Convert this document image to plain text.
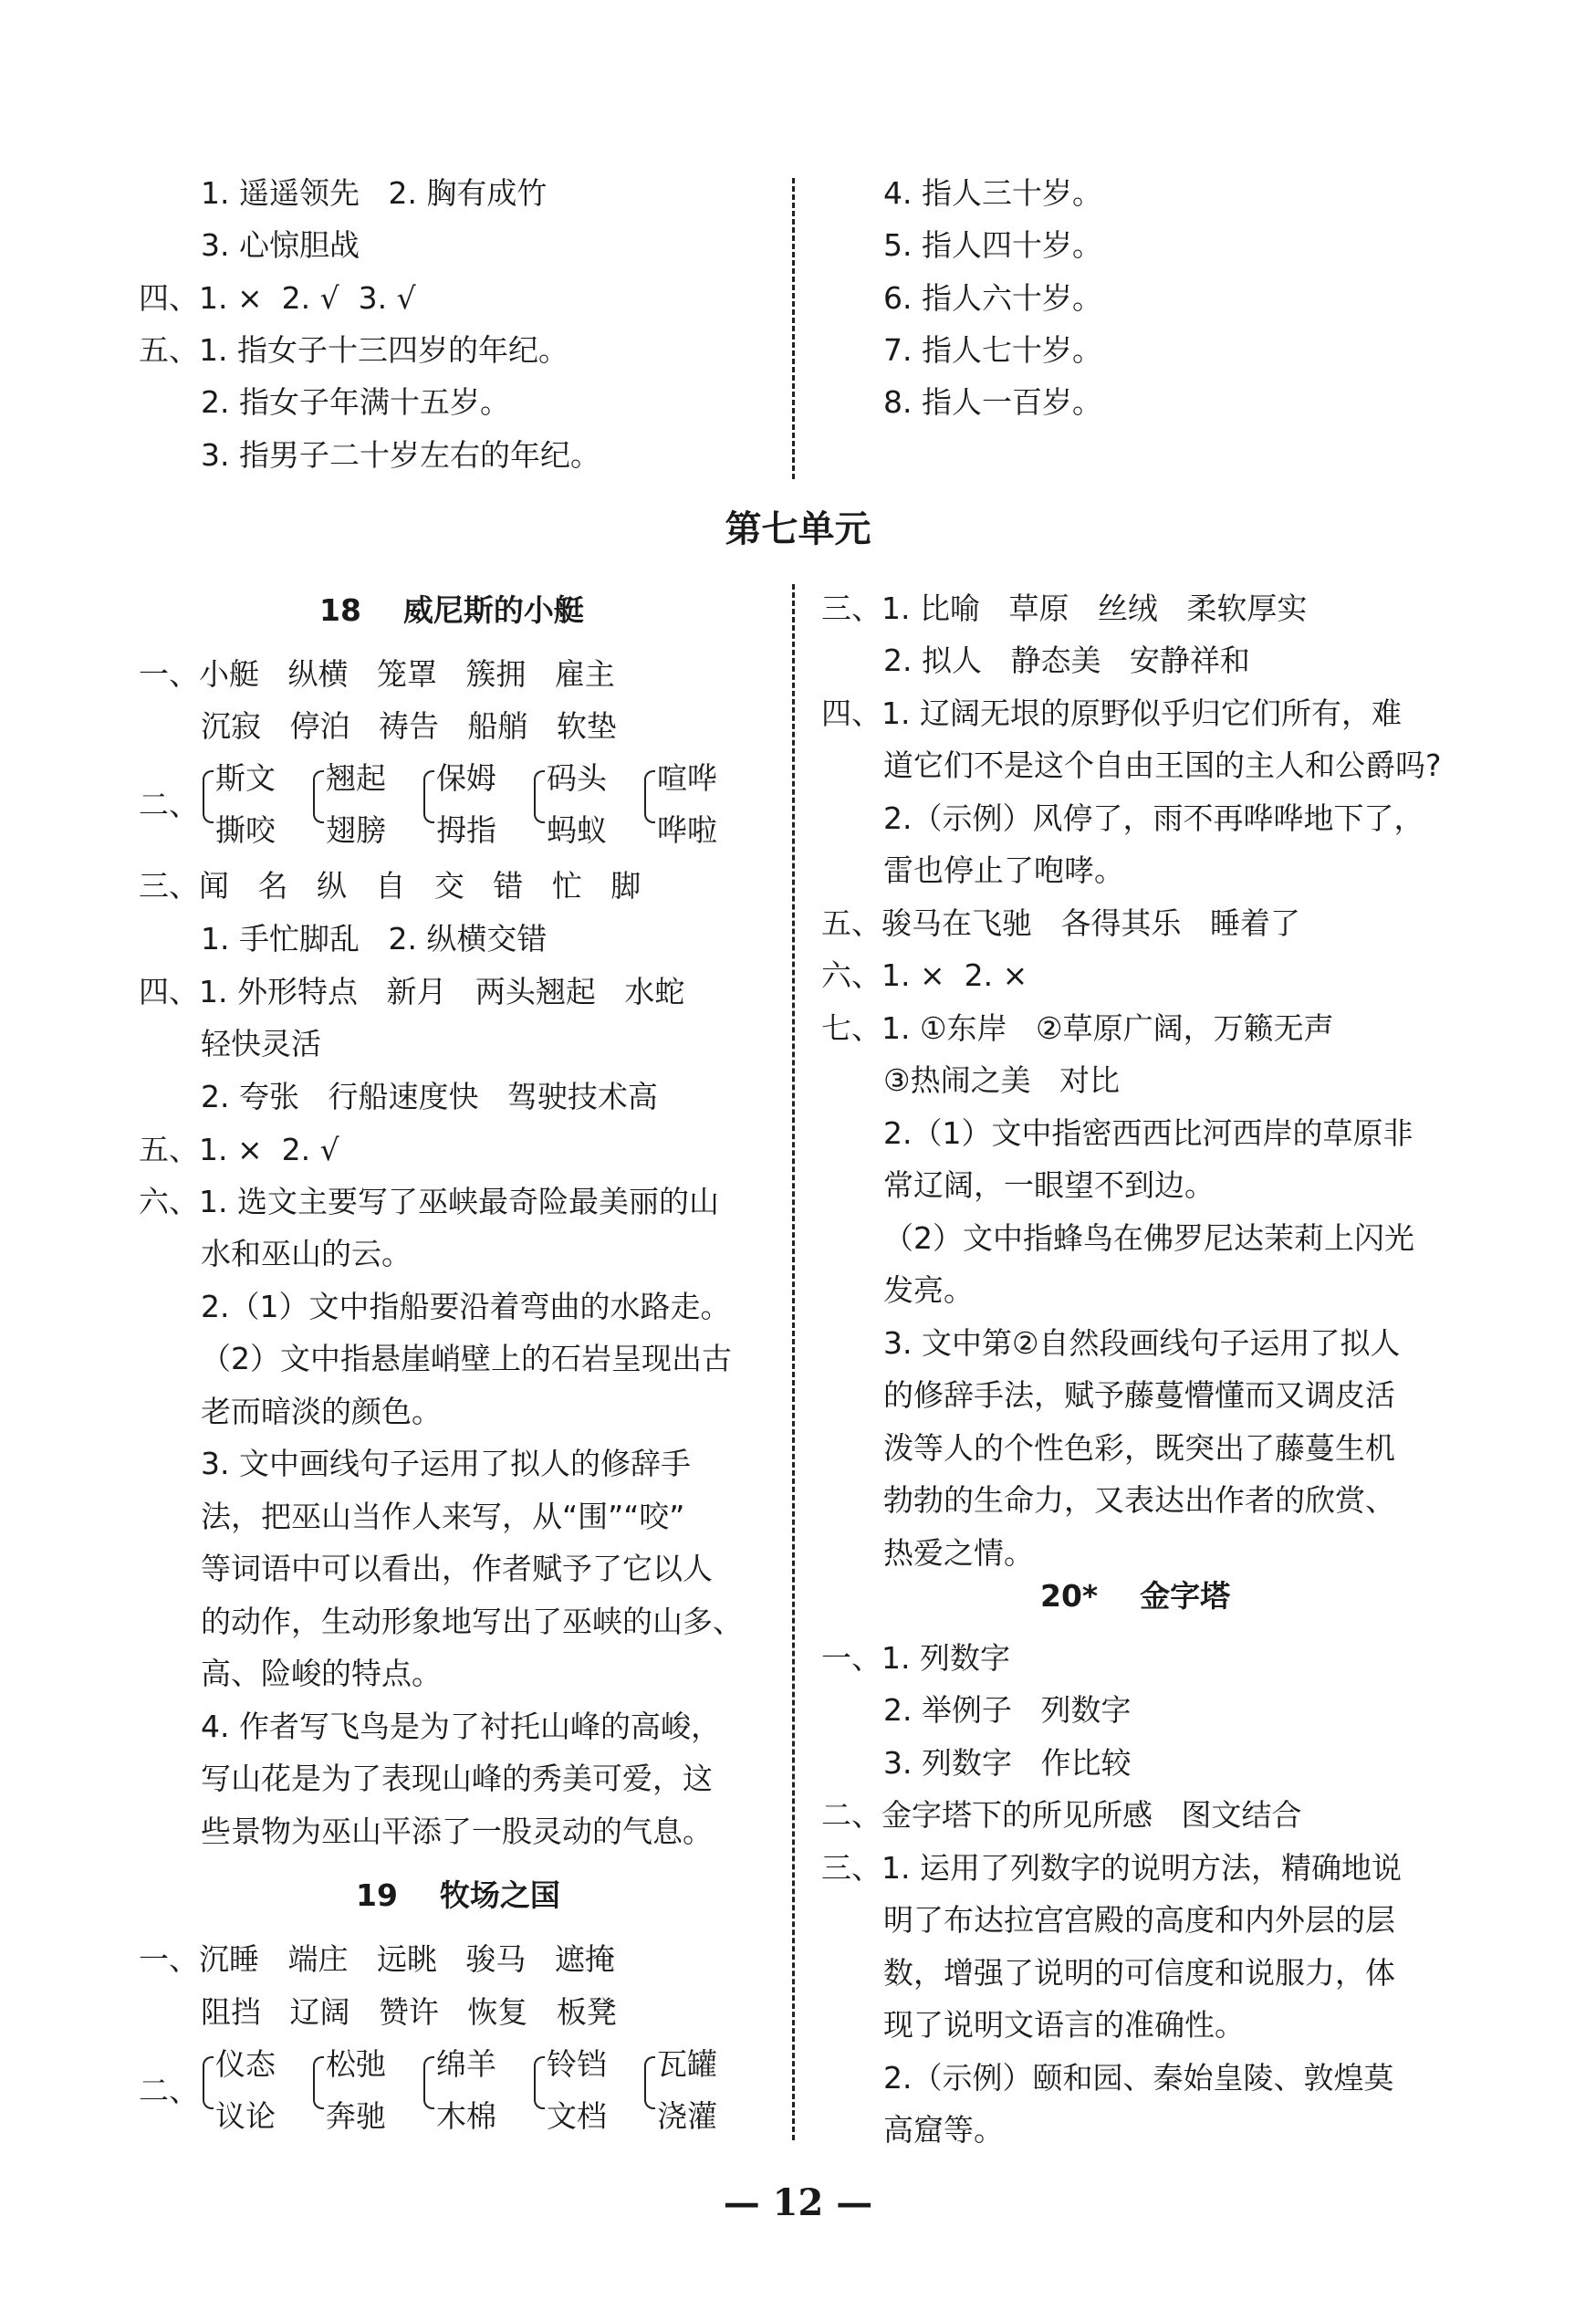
1. 遥遥领先   2. 胸有成竹
3. 心惊胆战
四、1. ×  2. √  3. √
五、1. 指女子十三四岁的年纪。
2. 指女子年满十五岁。
3. 指男子二十岁左右的年纪。
4. 指人三十岁。
5. 指人四十岁。
6. 指人六十岁。
7. 指人七十岁。
8. 指人一百岁。
第七单元
18    威尼斯的小艇
一、小艇   纵横   笼罩   簇拥   雇主
沉寂   停泊   祷告   船艄   软垫
二、
斯文
撕咬
翘起
翅膀
保姆
拇指
码头
蚂蚁
喧哗
哗啦
三、闻   名   纵   自   交   错   忙   脚
1. 手忙脚乱   2. 纵横交错
四、1. 外形特点   新月   两头翘起   水蛇
轻快灵活
2. 夸张   行船速度快   驾驶技术高
五、1. ×  2. √
六、1. 选文主要写了巫峡最奇险最美丽的山
水和巫山的云。
2.（1）文中指船要沿着弯曲的水路走。
（2）文中指悬崖峭壁上的石岩呈现出古
老而暗淡的颜色。
3. 文中画线句子运用了拟人的修辞手
法，把巫山当作人来写，从“围”“咬”
等词语中可以看出，作者赋予了它以人
的动作，生动形象地写出了巫峡的山多、
高、险峻的特点。
4. 作者写飞鸟是为了衬托山峰的高峻，
写山花是为了表现山峰的秀美可爱，这
些景物为巫山平添了一股灵动的气息。
19    牧场之国
一、沉睡   端庄   远眺   骏马   遮掩
阻挡   辽阔   赞许   恢复   板凳
二、
仪态
议论
松弛
奔驰
绵羊
木棉
铃铛
文档
瓦罐
浇灌
三、1. 比喻   草原   丝绒   柔软厚实
2. 拟人   静态美   安静祥和
四、1. 辽阔无垠的原野似乎归它们所有，难
道它们不是这个自由王国的主人和公爵吗?
2.（示例）风停了，雨不再哗哗地下了，
雷也停止了咆哮。
五、骏马在飞驰   各得其乐   睡着了
六、1. ×  2. ×
七、1. ①东岸   ②草原广阔，万籁无声
③热闹之美   对比
2.（1）文中指密西西比河西岸的草原非
常辽阔，一眼望不到边。
（2）文中指蜂鸟在佛罗尼达茉莉上闪光
发亮。
3. 文中第②自然段画线句子运用了拟人
的修辞手法，赋予藤蔓懵懂而又调皮活
泼等人的个性色彩，既突出了藤蔓生机
勃勃的生命力，又表达出作者的欣赏、
热爱之情。
20*    金字塔
一、1. 列数字
2. 举例子   列数字
3. 列数字   作比较
二、金字塔下的所见所感   图文结合
三、1. 运用了列数字的说明方法，精确地说
明了布达拉宫宫殿的高度和内外层的层
数，增强了说明的可信度和说服力，体
现了说明文语言的准确性。
2.（示例）颐和园、秦始皇陵、敦煌莫
高窟等。
— 12 —
